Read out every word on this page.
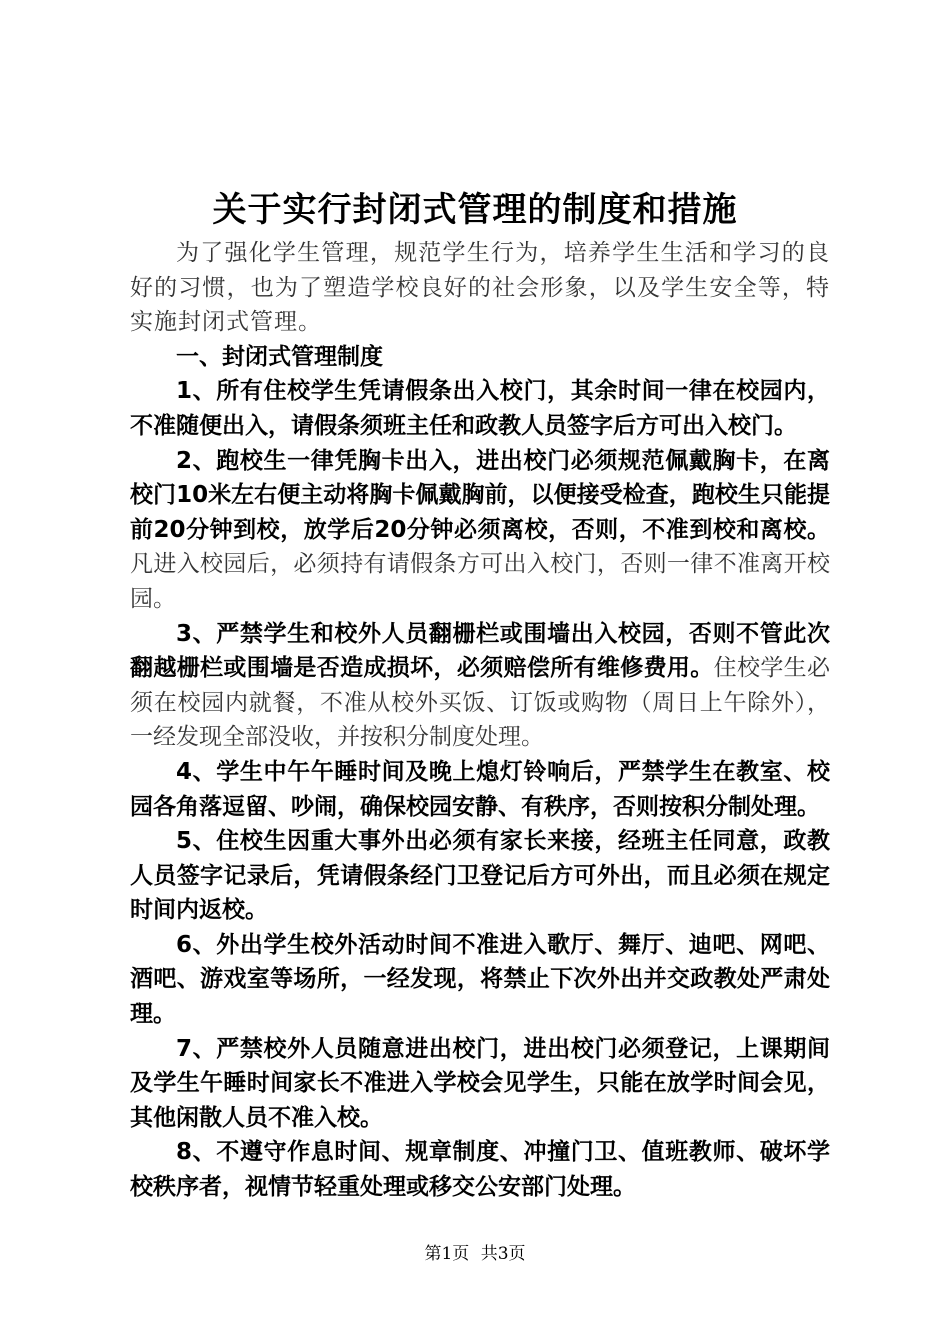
关于实行封闭式管理的制度和措施

为了强化学生管理，规范学生行为，培养学生生活和学习的良好的习惯，也为了塑造学校良好的社会形象，以及学生安全等，特实施封闭式管理。

一、封闭式管理制度

1、所有住校学生凭请假条出入校门，其余时间一律在校园内，不准随便出入，请假条须班主任和政教人员签字后方可出入校门。

2、跑校生一律凭胸卡出入，进出校门必须规范佩戴胸卡，在离校门10米左右便主动将胸卡佩戴胸前，以便接受检查，跑校生只能提前20分钟到校，放学后20分钟必须离校，否则，不准到校和离校。凡进入校园后，必须持有请假条方可出入校门，否则一律不准离开校园。

3、严禁学生和校外人员翻栅栏或围墙出入校园，否则不管此次翻越栅栏或围墙是否造成损坏，必须赔偿所有维修费用。住校学生必须在校园内就餐，不准从校外买饭、订饭或购物（周日上午除外），一经发现全部没收，并按积分制度处理。

4、学生中午午睡时间及晚上熄灯铃响后，严禁学生在教室、校园各角落逗留、吵闹，确保校园安静、有秩序，否则按积分制处理。

5、住校生因重大事外出必须有家长来接，经班主任同意，政教人员签字记录后，凭请假条经门卫登记后方可外出，而且必须在规定时间内返校。

6、外出学生校外活动时间不准进入歌厅、舞厅、迪吧、网吧、酒吧、游戏室等场所，一经发现，将禁止下次外出并交政教处严肃处理。

7、严禁校外人员随意进出校门，进出校门必须登记，上课期间及学生午睡时间家长不准进入学校会见学生，只能在放学时间会见，其他闲散人员不准入校。

8、不遵守作息时间、规章制度、冲撞门卫、值班教师、破坏学校秩序者，视情节轻重处理或移交公安部门处理。

第1页 共3页
